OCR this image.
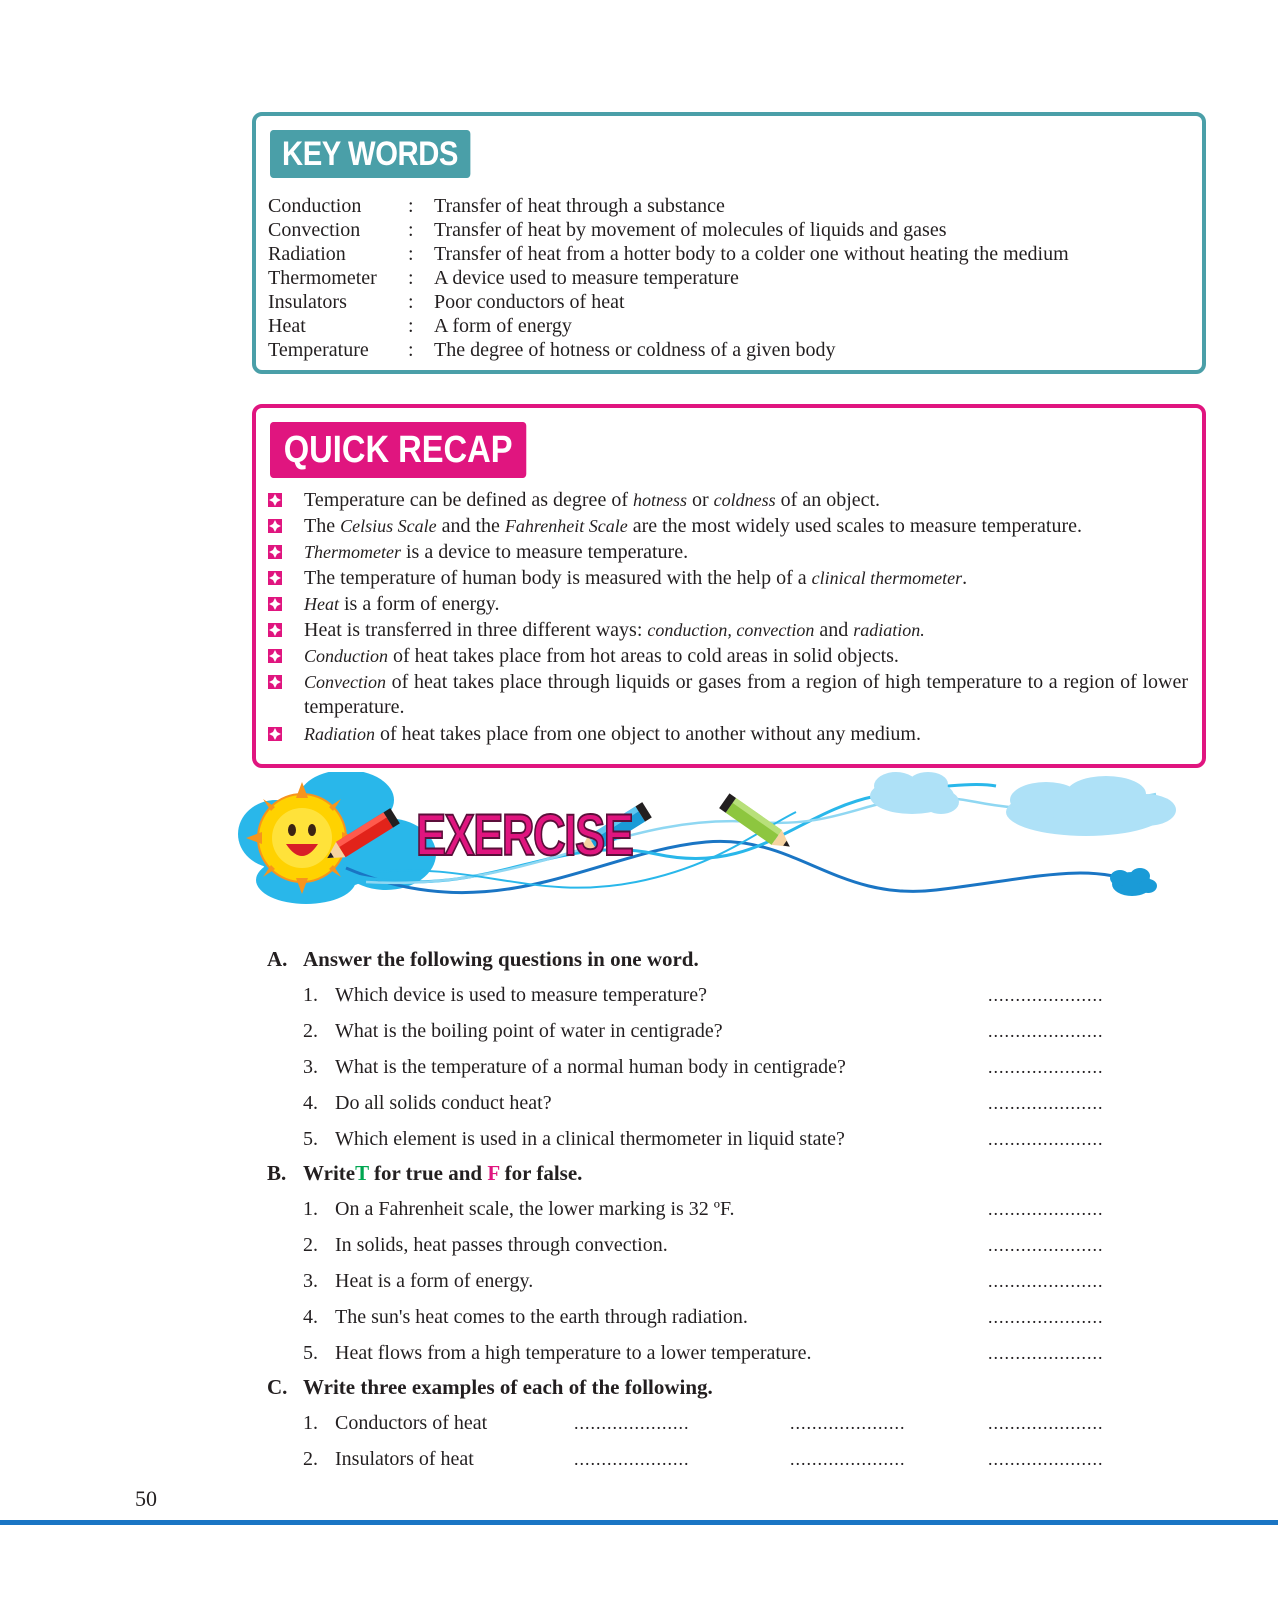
KEY WORDS
Conduction : Transfer of heat through a substance
Convection : Transfer of heat by movement of molecules of liquids and gases
Radiation	: Transfer of heat from a hotter body to a colder one without heating the medium
Thermometer : A device used to measure temperature
Insulators	: Poor conductors of heat
Heat	: A form of energy
Temperature : The degree of hotness or coldness of a given body
QUICK RECAP
Temperature can be defined as degree of hotness or coldness of an object.
The Celsius Scale and the Fahrenheit Scale are the most widely used scales to measure temperature.
Thermometer is a device to measure temperature.
The temperature of human body is measured with the help of a clinical thermometer.
Heat is a form of energy.
Heat is transferred in three different ways: conduction, convection and radiation.
Conduction of heat takes place from hot areas to cold areas in solid objects.
Convection of heat takes place through liquids or gases from a region of high temperature to a region of lower temperature.
Radiation of heat takes place from one object to another without any medium.
EXERCISE
A. Answer the following questions in one word.
1. Which device is used to measure temperature?	.....................
2. What is the boiling point of water in centigrade?	.....................
3. What is the temperature of a normal human body in centigrade?	.....................
4. Do all solids conduct heat?	.....................
5. Which element is used in a clinical thermometer in liquid state?	.....................
B. WriteT for true and F for false.
1. On a Fahrenheit scale, the lower marking is 32 ºF.	.....................
2. In solids, heat passes through convection.	.....................
3. Heat is a form of energy.	.....................
4. The sun's heat comes to the earth through radiation.	.....................
5. Heat flows from a high temperature to a lower temperature.	.....................
C. Write three examples of each of the following.
1. Conductors of heat	.....................	.....................	.....................
2. Insulators of heat	.....................	.....................	.....................
50
